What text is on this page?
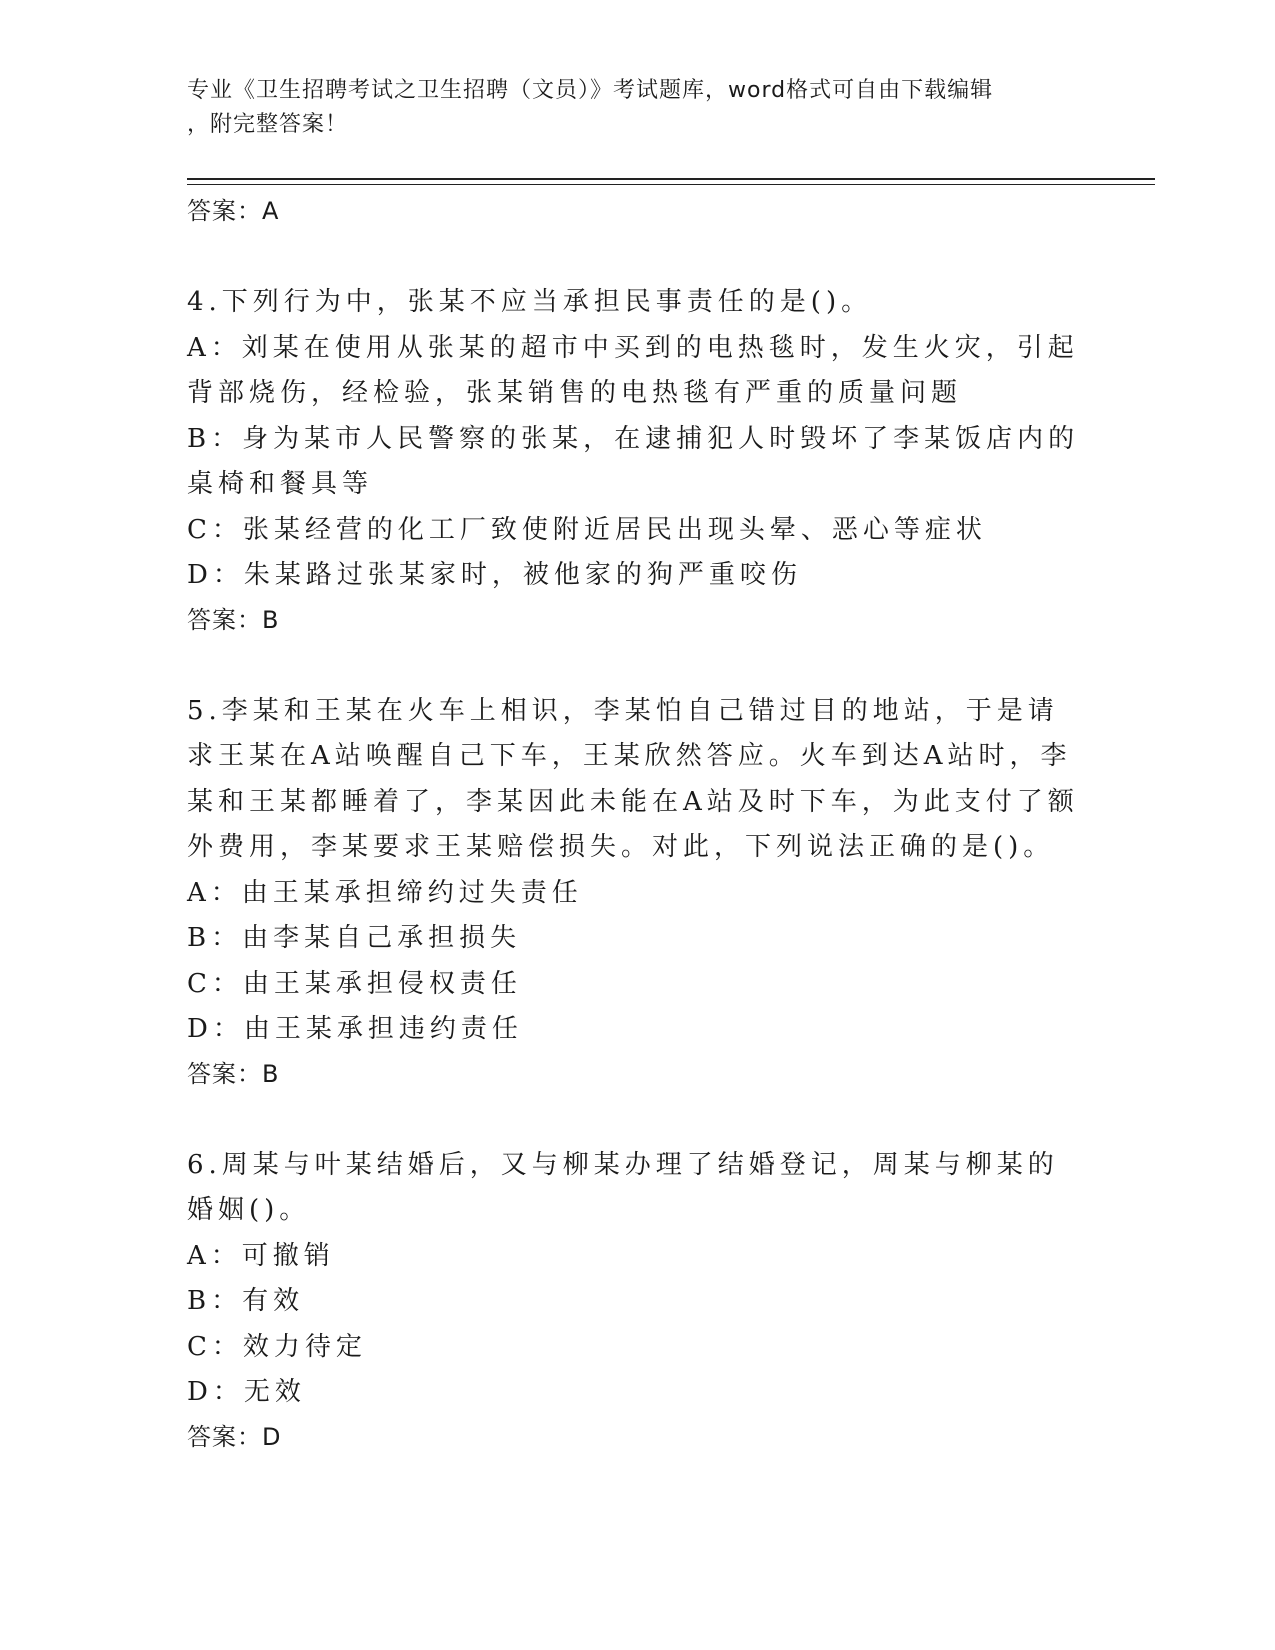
专业《卫生招聘考试之卫生招聘（文员）》考试题库，word格式可自由下载编辑
，附完整答案！
答案：A
4.下列行为中，张某不应当承担民事责任的是()。
A：刘某在使用从张某的超市中买到的电热毯时，发生火灾，引起背部烧伤，经检验，张某销售的电热毯有严重的质量问题
B：身为某市人民警察的张某，在逮捕犯人时毁坏了李某饭店内的桌椅和餐具等
C：张某经营的化工厂致使附近居民出现头晕、恶心等症状
D：朱某路过张某家时，被他家的狗严重咬伤
答案：B
5.李某和王某在火车上相识，李某怕自己错过目的地站，于是请求王某在A站唤醒自己下车，王某欣然答应。火车到达A站时，李某和王某都睡着了，李某因此未能在A站及时下车，为此支付了额外费用，李某要求王某赔偿损失。对此，下列说法正确的是()。
A：由王某承担缔约过失责任
B：由李某自己承担损失
C：由王某承担侵权责任
D：由王某承担违约责任
答案：B
6.周某与叶某结婚后，又与柳某办理了结婚登记，周某与柳某的婚姻()。
A：可撤销
B：有效
C：效力待定
D：无效
答案：D
